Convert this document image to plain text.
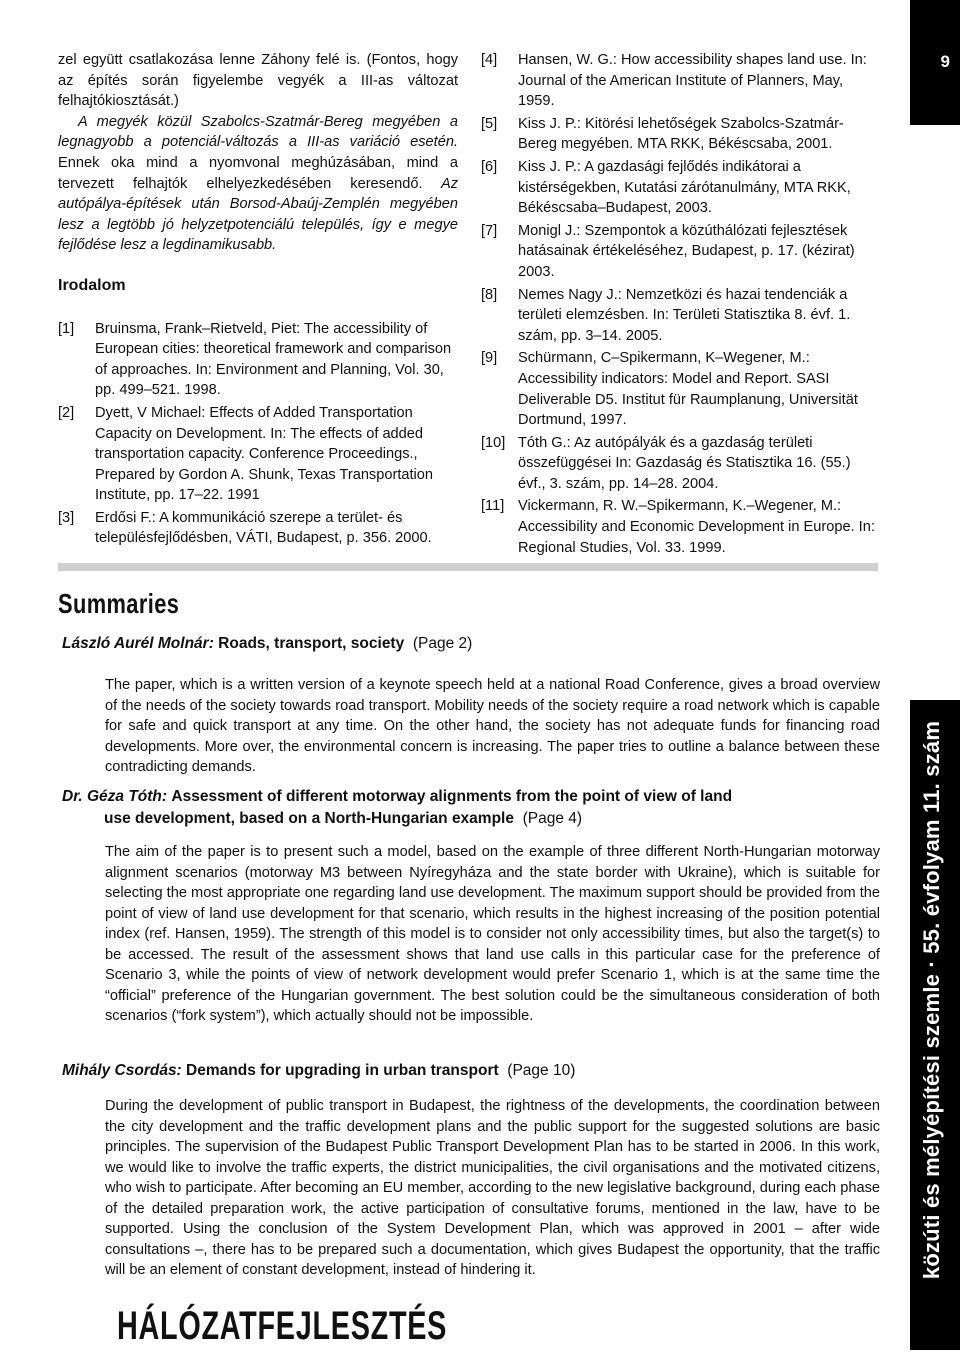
9

zel együtt csatlakozása lenne Záhony felé is. (Fontos, hogy az építés során figyelembe vegyék a III-as változat felhajtókiosztását.)

A megyék közül Szabolcs-Szatmár-Bereg megyében a legnagyobb a potenciál-változás a III-as variáció esetén. Ennek oka mind a nyomvonal meghúzásában, mind a tervezett felhajtók elhelyezkedésében keresendő. Az autópálya-építések után Borsod-Abaúj-Zemplén megyében lesz a legtöbb jó helyzetpotenciálú település, így e megye fejlődése lesz a legdinamikusabb.

Irodalom
[1] Bruinsma, Frank–Rietveld, Piet: The accessibility of European cities: theoretical framework and comparison of approaches. In: Environment and Planning, Vol. 30, pp. 499–521. 1998.
[2] Dyett, V Michael: Effects of Added Transportation Capacity on Development. In: The effects of added transportation capacity. Conference Proceedings., Prepared by Gordon A. Shunk, Texas Transportation Institute, pp. 17–22. 1991
[3] Erdősi F.: A kommunikáció szerepe a terület- és településfejlődésben, VÁTI, Budapest, p. 356. 2000.
[4] Hansen, W. G.: How accessibility shapes land use. In: Journal of the American Institute of Planners, May, 1959.
[5] Kiss J. P.: Kitörési lehetőségek Szabolcs-Szatmár-Bereg megyében. MTA RKK, Békéscsaba, 2001.
[6] Kiss J. P.: A gazdasági fejlődés indikátorai a kistérségekben, Kutatási zárótanulmány, MTA RKK, Békéscsaba–Budapest, 2003.
[7] Monigl J.: Szempontok a közúthálózati fejlesztések hatásainak értékeléséhez, Budapest, p. 17. (kézirat) 2003.
[8] Nemes Nagy J.: Nemzetközi és hazai tendenciák a területi elemzésben. In: Területi Statisztika 8. évf. 1. szám, pp. 3–14. 2005.
[9] Schürmann, C–Spikermann, K–Wegener, M.: Accessibility indicators: Model and Report. SASI Deliverable D5. Institut für Raumplanung, Universität Dortmund, 1997.
[10] Tóth G.: Az autópályák és a gazdaság területi összefüggései In: Gazdaság és Statisztika 16. (55.) évf., 3. szám, pp. 14–28. 2004.
[11] Vickermann, R. W.–Spikermann, K.–Wegener, M.: Accessibility and Economic Development in Europe. In: Regional Studies, Vol. 33. 1999.
Summaries

László Aurél Molnár: Roads, transport, society (Page 2)

The paper, which is a written version of a keynote speech held at a national Road Conference, gives a broad overview of the needs of the society towards road transport. Mobility needs of the society require a road network which is capable for safe and quick transport at any time. On the other hand, the society has not adequate funds for financing road developments. More over, the environmental concern is increasing. The paper tries to outline a balance between these contradicting demands.

Dr. Géza Tóth: Assessment of different motorway alignments from the point of view of land
use development, based on a North-Hungarian example (Page 4)

The aim of the paper is to present such a model, based on the example of three different North-Hungarian motorway alignment scenarios (motorway M3 between Nyíregyháza and the state border with Ukraine), which is suitable for selecting the most appropriate one regarding land use development. The maximum support should be provided from the point of view of land use development for that scenario, which results in the highest increasing of the position potential index (ref. Hansen, 1959). The strength of this model is to consider not only accessibility times, but also the target(s) to be accessed. The result of the assessment shows that land use calls in this particular case for the preference of Scenario 3, while the points of view of network development would prefer Scenario 1, which is at the same time the “official” preference of the Hungarian government. The best solution could be the simultaneous consideration of both scenarios (“fork system”), which actually should not be impossible.

Mihály Csordás: Demands for upgrading in urban transport (Page 10)

During the development of public transport in Budapest, the rightness of the developments, the coordination between the city development and the traffic development plans and the public support for the suggested solutions are basic principles. The supervision of the Budapest Public Transport Development Plan has to be started in 2006. In this work, we would like to involve the traffic experts, the district municipalities, the civil organisations and the motivated citizens, who wish to participate. After becoming an EU member, according to the new legislative background, during each phase of the detailed preparation work, the active participation of consultative forums, mentioned in the law, have to be supported. Using the conclusion of the System Development Plan, which was approved in 2001 – after wide consultations –, there has to be prepared such a documentation, which gives Budapest the opportunity, that the traffic will be an element of constant development, instead of hindering it.	közúti és mélyépítési szemle · 55. évfolyam 11. szám
HÁLÓZATFEJLESZTÉS
